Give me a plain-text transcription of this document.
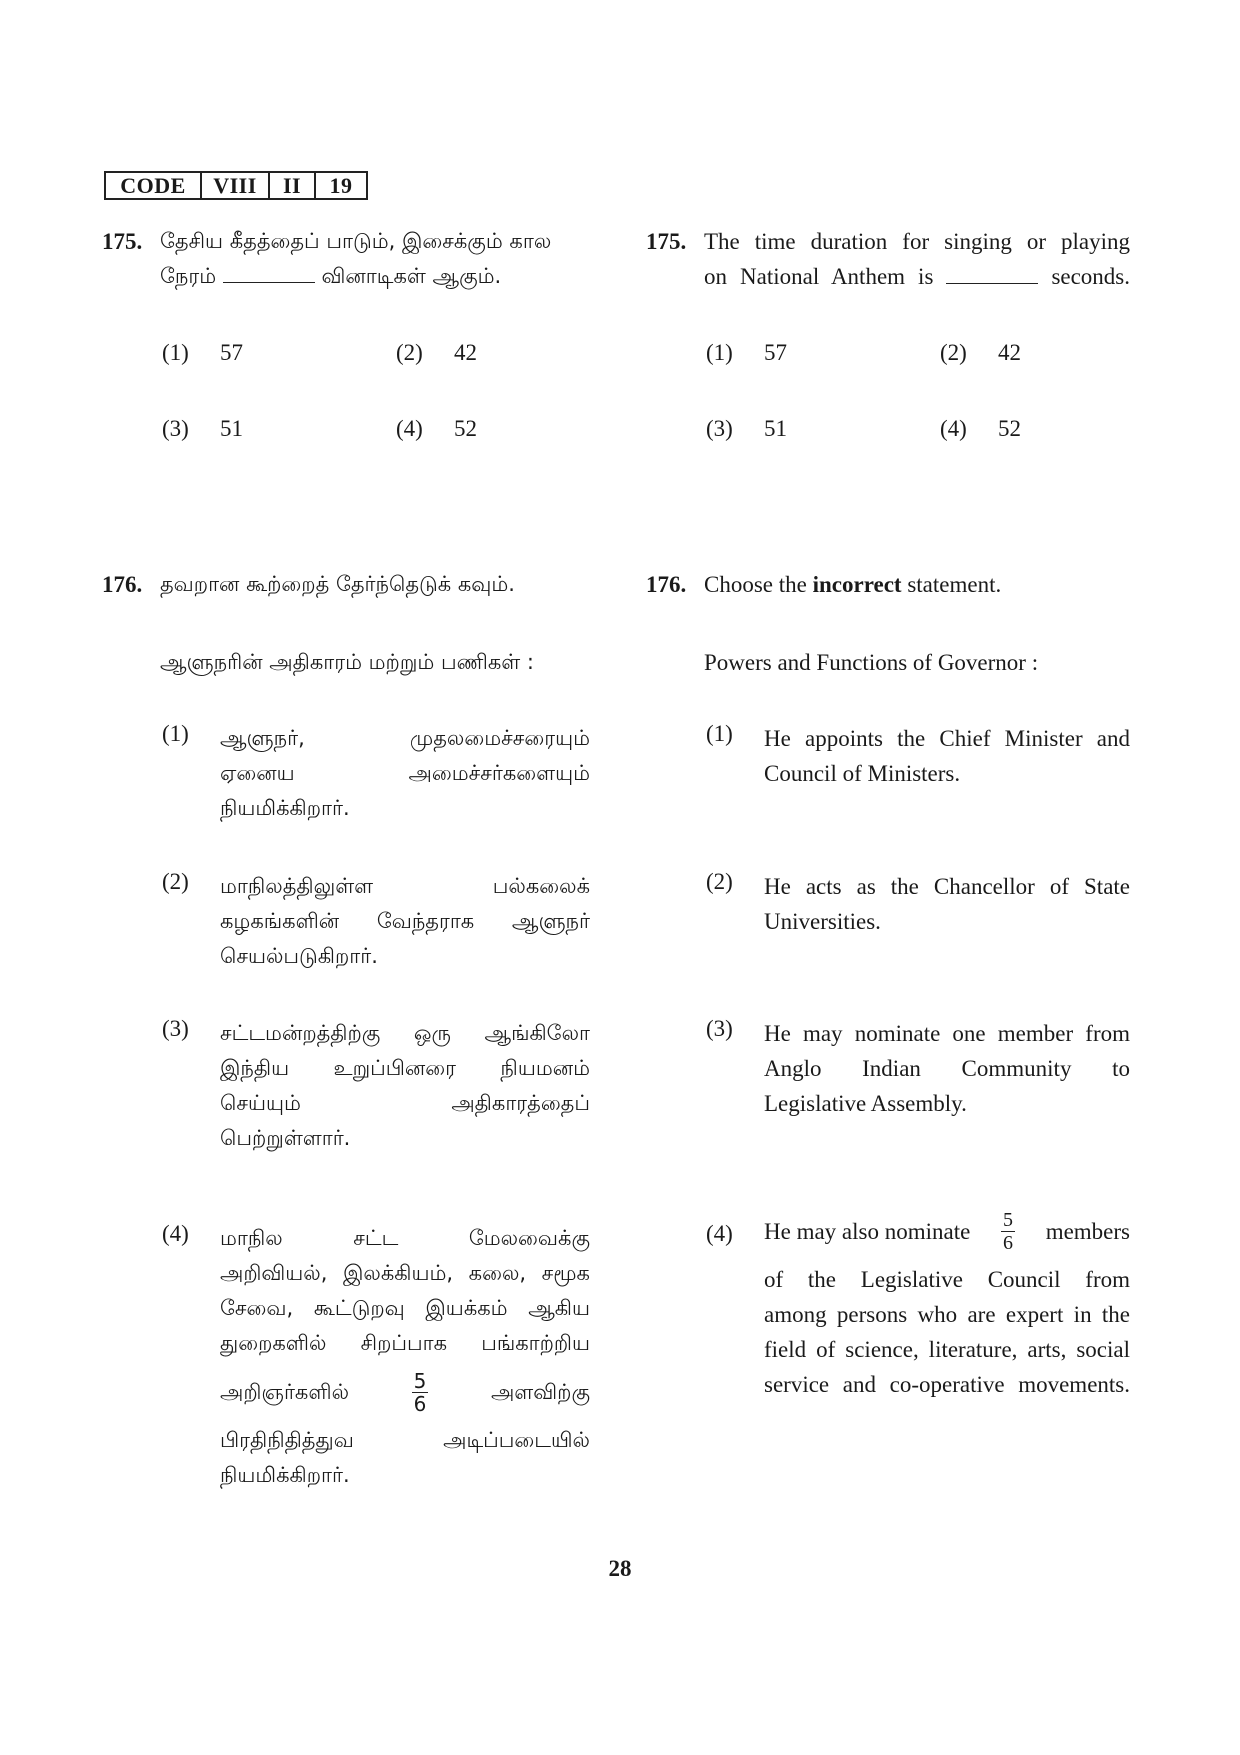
CODE	VIII	II	19
175. தேசிய கீதத்தைப் பாடும், இசைக்கும் கால
நேரம்	வினாடிகள் ஆகும்.
175. The time duration for singing or playing
on National Anthem is	seconds.
(1) 57	(2) 42
(3) 51	(4) 52
(1) 57	(2) 42
(3) 51	(4) 52
176. தவறான கூற்றைத் தேர்ந்தெடுக் கவும்.
ஆளுநரின் அதிகாரம் மற்றும் பணிகள் :
176. Choose the incorrect statement.
Powers and Functions of Governor :
(1) ஆளுநர், முதலமைச்சரையும்
ஏனைய அமைச்சர்களையும்
நியமிக்கிறார்.
(2) மாநிலத்திலுள்ள பல்கலைக்
கழகங்களின் வேந்தராக ஆளுநர்
செயல்படுகிறார்.
(3) சட்டமன்றத்திற்கு ஒரு ஆங்கிலோ
இந்திய உறுப்பினரை நியமனம்
செய்யும் அதிகாரத்தைப்
பெற்றுள்ளார்.
(4) மாநில சட்ட மேலவைக்கு
அறிவியல், இலக்கியம், கலை, சமூக
சேவை, கூட்டுறவு இயக்கம் ஆகிய
துறைகளில் சிறப்பாக பங்காற்றிய
அறிஞர்களில்	$\frac{5}{6}$	அளவிற்கு
பிரதிநிதித்துவ அடிப்படையில்
நியமிக்கிறார்.
(1) He appoints the Chief Minister and
Council of Ministers.
(2) He acts as the Chancellor of State
Universities.
(3) He may nominate one member from
Anglo Indian Community to
Legislative Assembly.
(4) He may also nominate $\frac{5}{6}$ members
of the Legislative Council from
among persons who are expert in the
field of science, literature, arts, social
service and co-operative movements.
28
